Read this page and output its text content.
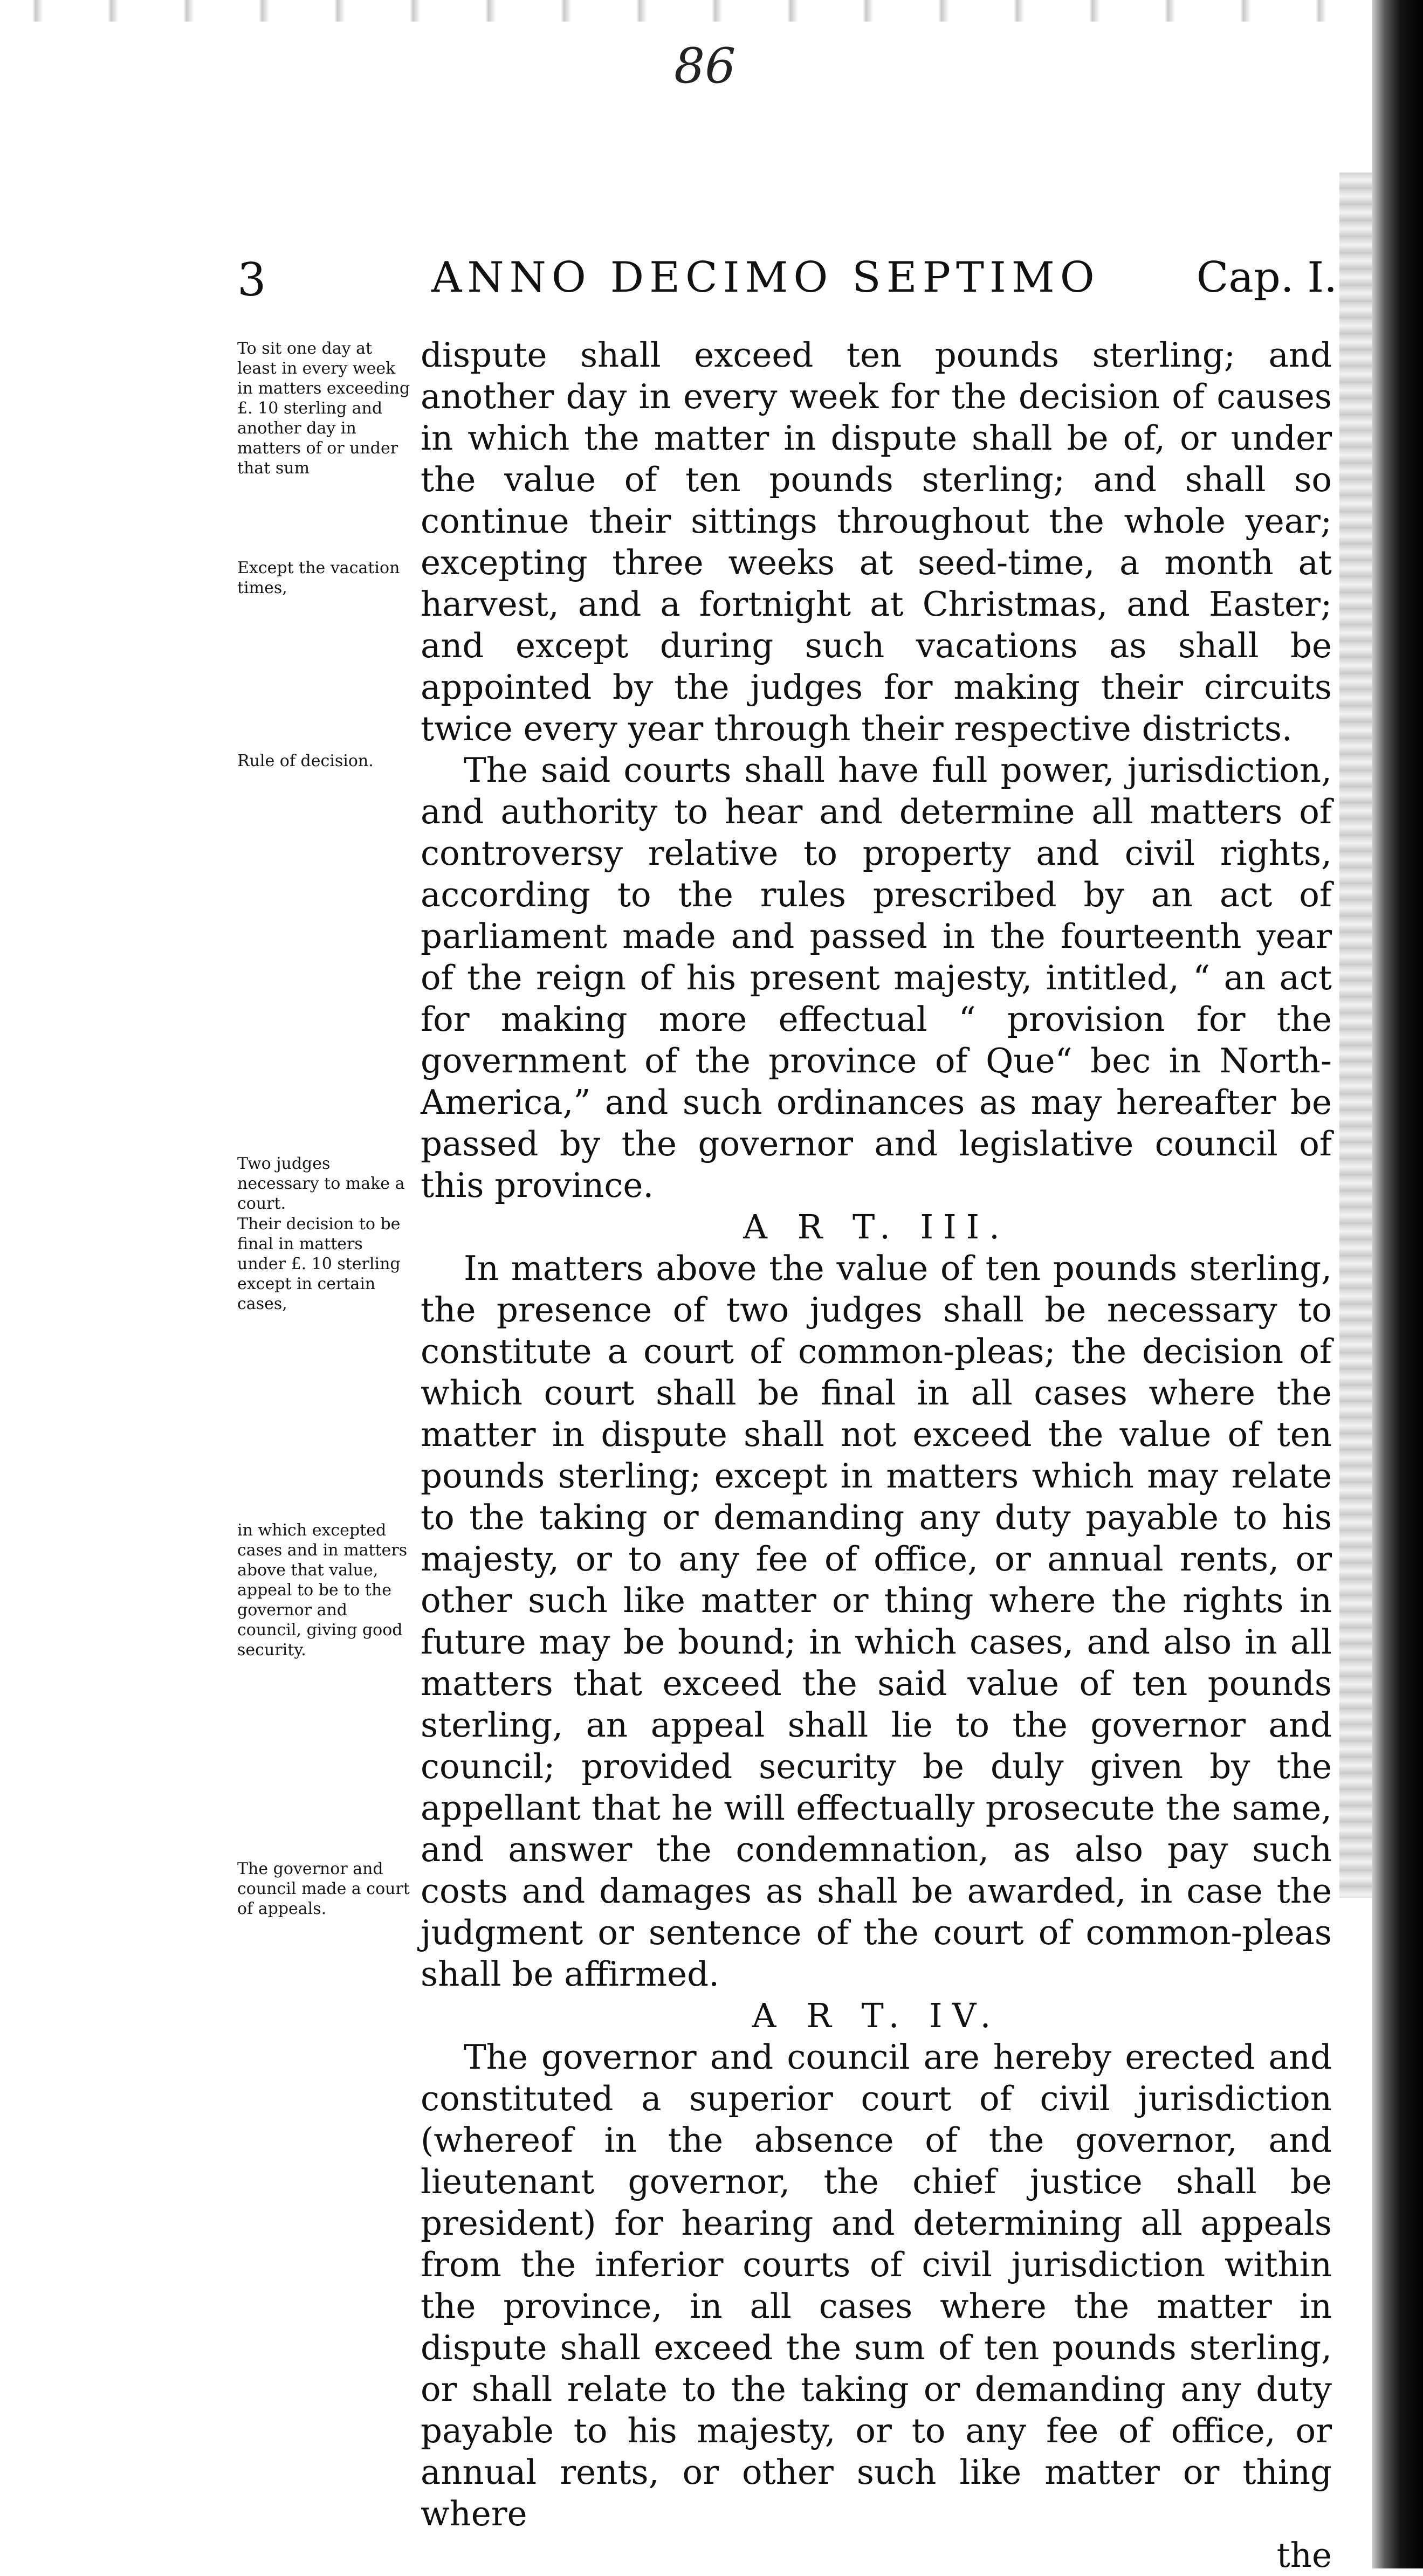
86
3	ANNO DECIMO SEPTIMO Cap. I.
To sit one day at least in every week in matters exceeding £. 10 sterling and another day in matters of or under that sum
Except the vacation times,
Rule of decision.
Two judges necessary to make a court.
Their decision to be final in matters under £. 10 sterling except in certain cases,
in which excepted cases and in matters above that value, appeal to be to the governor and council, giving good security.
The governor and council made a court of appeals.

dispute shall exceed ten pounds sterling; and another day in every week for the decision of causes in which the matter in dispute shall be of, or under the value of ten pounds sterling; and shall so continue their sittings throughout the whole year; excepting three weeks at seed-time, a month at harvest, and a fortnight at Christmas, and Easter; and except during such vacations as shall be appointed by the judges for making their circuits twice every year through their respective districts.

The said courts shall have full power, jurisdiction, and authority to hear and determine all matters of controversy relative to property and civil rights, according to the rules prescribed by an act of parliament made and passed in the fourteenth year of the reign of his present majesty, intitled, “ an act for making more effectual “ provision for the government of the province of Que“ bec in North-America,” and such ordinances as may hereafter be passed by the governor and legislative council of this province.

A R T. III.

In matters above the value of ten pounds sterling, the presence of two judges shall be necessary to constitute a court of common-pleas; the decision of which court shall be final in all cases where the matter in dispute shall not exceed the value of ten pounds sterling; except in matters which may relate to the taking or demanding any duty payable to his majesty, or to any fee of office, or annual rents, or other such like matter or thing where the rights in future may be bound; in which cases, and also in all matters that exceed the said value of ten pounds sterling, an appeal shall lie to the governor and council; provided security be duly given by the appellant that he will effectually prosecute the same, and answer the condemnation, as also pay such costs and damages as shall be awarded, in case the judgment or sentence of the court of common-pleas shall be affirmed.

A R T. IV.

The governor and council are hereby erected and constituted a superior court of civil jurisdiction (whereof in the absence of the governor, and lieutenant governor, the chief justice shall be president) for hearing and determining all appeals from the inferior courts of civil jurisdiction within the province, in all cases where the matter in dispute shall exceed the sum of ten pounds sterling, or shall relate to the taking or demanding any duty payable to his majesty, or to any fee of office, or annual rents, or other such like matter or thing where

the
